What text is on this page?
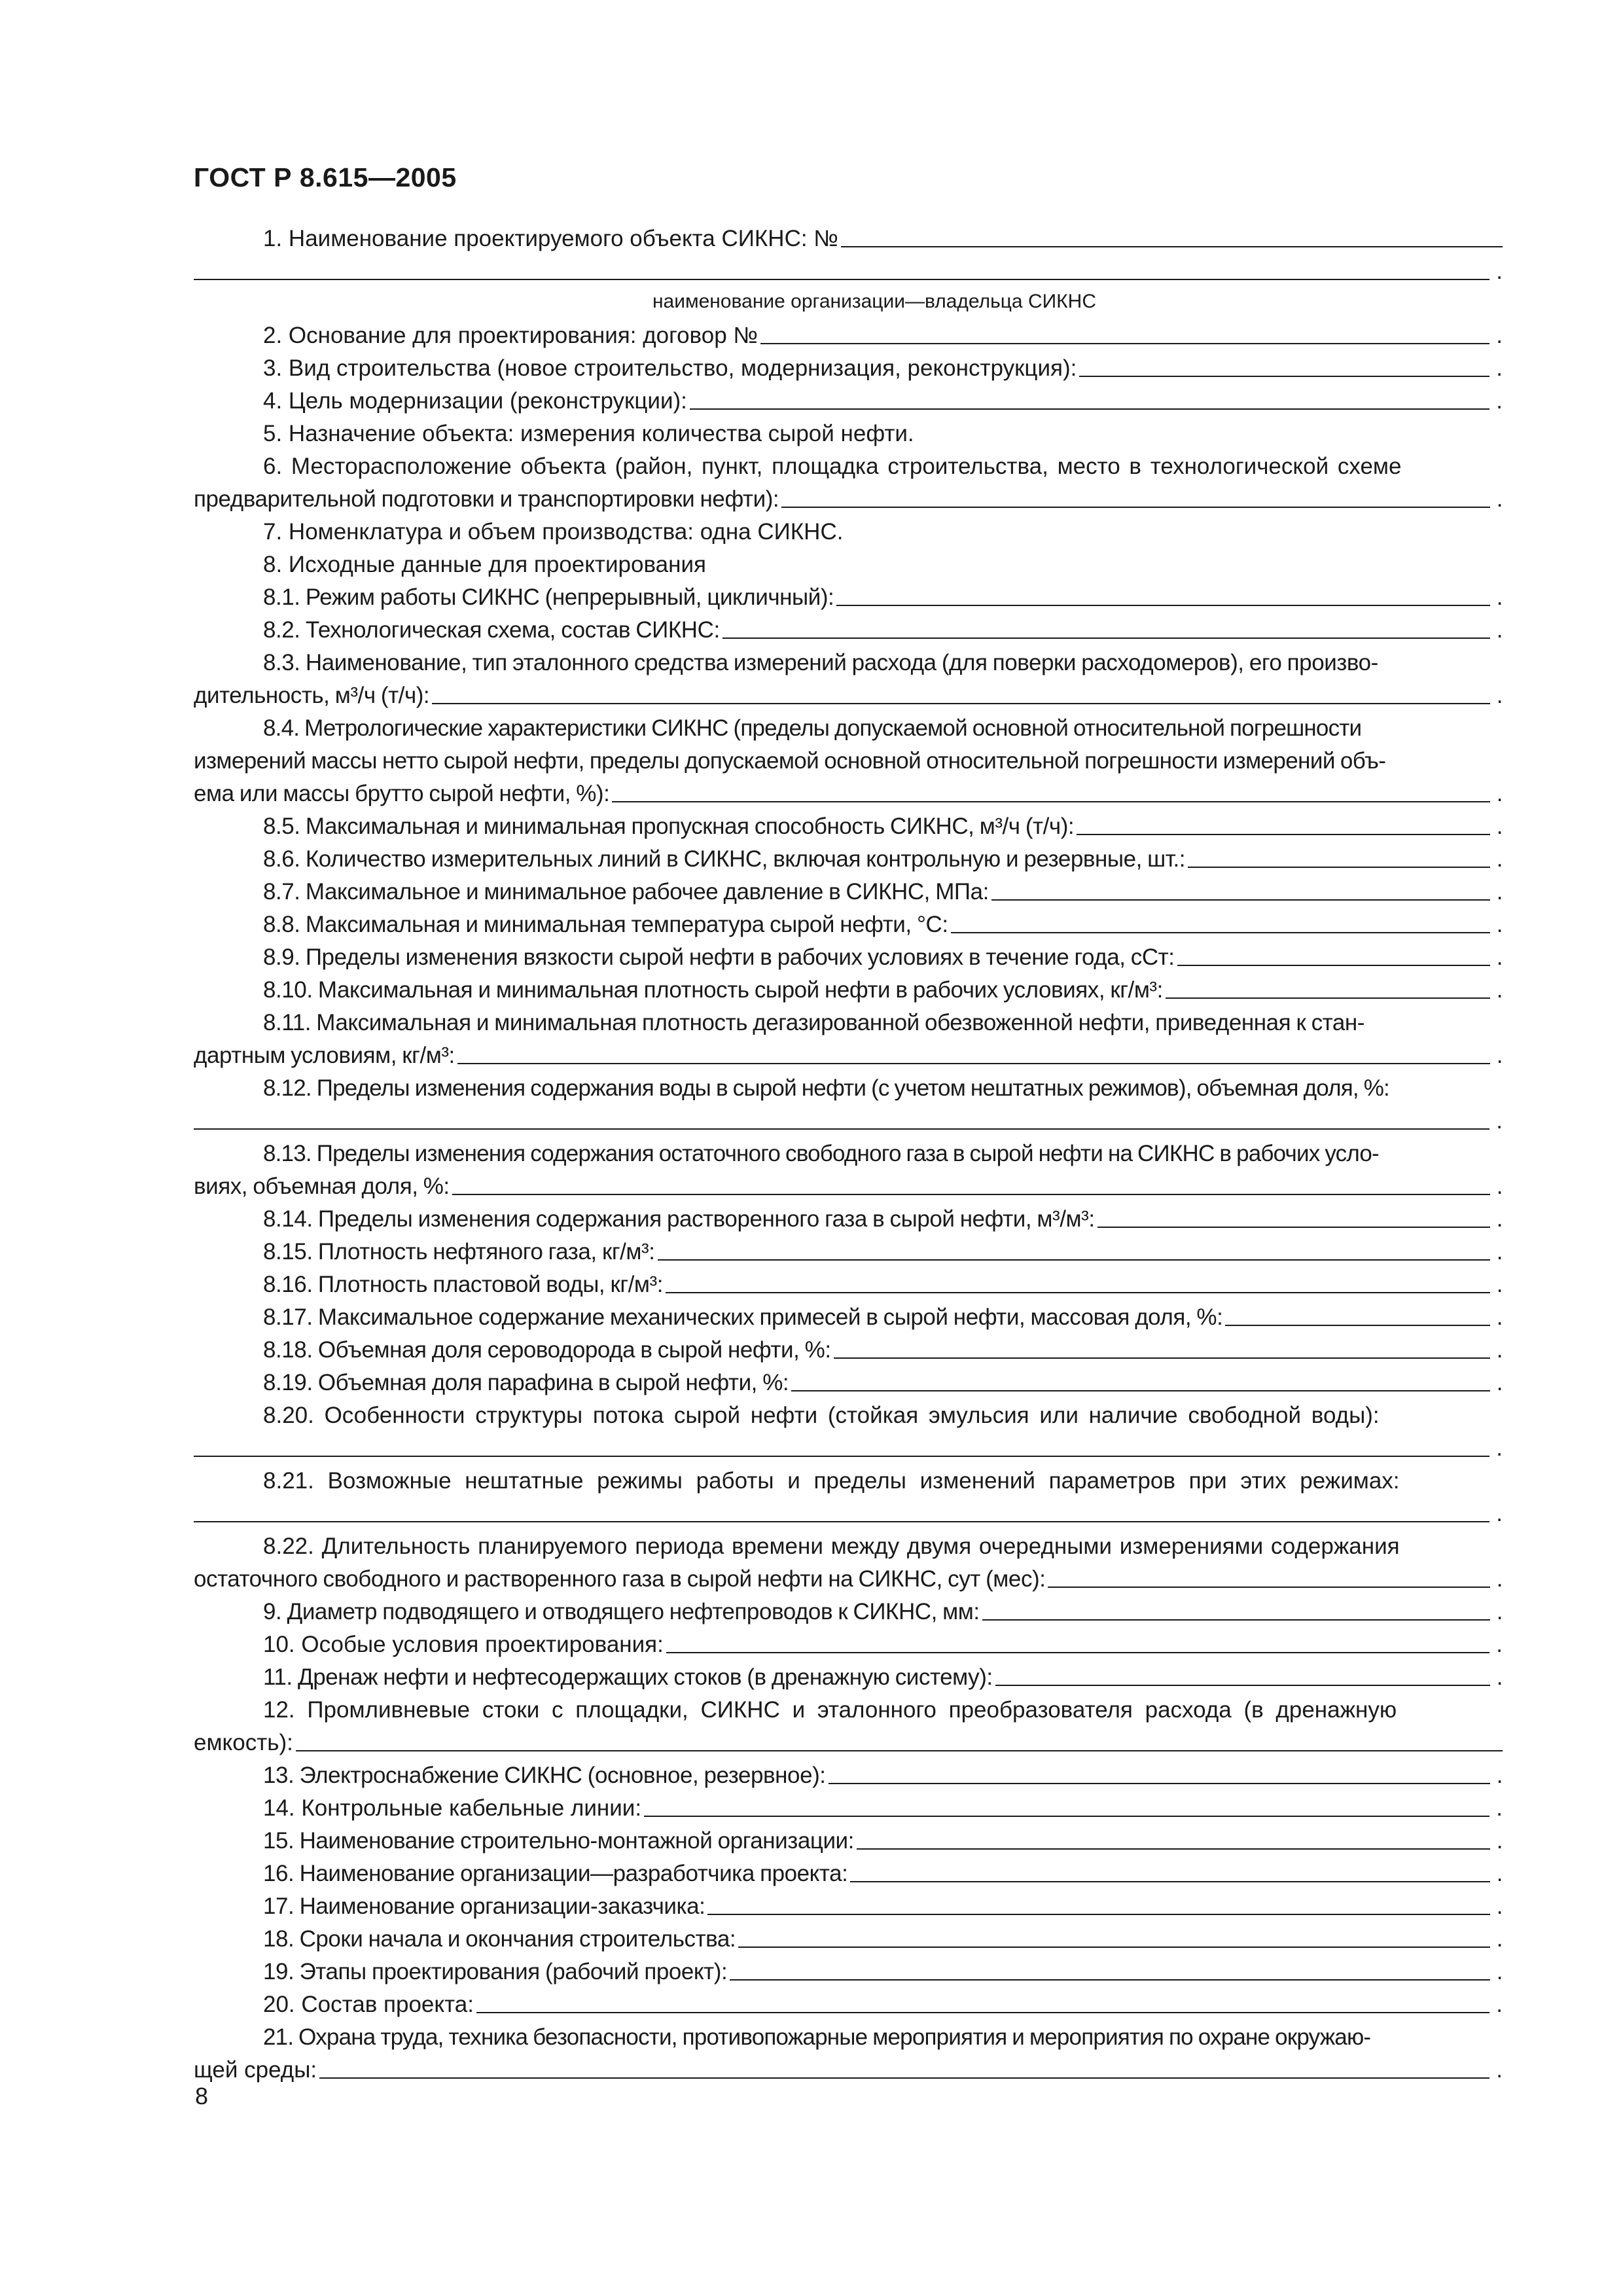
ГОСТ Р 8.615—2005
1. Наименование проектируемого объекта СИКНС: №
.
наименование организации—владельца СИКНС
2. Основание для проектирования: договор №	.
3. Вид строительства (новое строительство, модернизация, реконструкция):	.
4. Цель модернизации (реконструкции):	.
5. Назначение объекта: измерения количества сырой нефти.
6. Месторасположение объекта (район, пункт, площадка строительства, место в технологической схеме
предварительной подготовки и транспортировки нефти):	.
7. Номенклатура и объем производства: одна СИКНС.
8. Исходные данные для проектирования
8.1. Режим работы СИКНС (непрерывный, цикличный):	.
8.2. Технологическая схема, состав СИКНС:	.
8.3. Наименование, тип эталонного средства измерений расхода (для поверки расходомеров), его произво-
дительность, м³/ч (т/ч):	.
8.4. Метрологические характеристики СИКНС (пределы допускаемой основной относительной погрешности
измерений массы нетто сырой нефти, пределы допускаемой основной относительной погрешности измерений объ-
ема или массы брутто сырой нефти, %):	.
8.5. Максимальная и минимальная пропускная способность СИКНС, м³/ч (т/ч):	.
8.6. Количество измерительных линий в СИКНС, включая контрольную и резервные, шт.:	.
8.7. Максимальное и минимальное рабочее давление в СИКНС, МПа:	.
8.8. Максимальная и минимальная температура сырой нефти, °С:	.
8.9. Пределы изменения вязкости сырой нефти в рабочих условиях в течение года, сСт:	.
8.10. Максимальная и минимальная плотность сырой нефти в рабочих условиях, кг/м³:	.
8.11. Максимальная и минимальная плотность дегазированной обезвоженной нефти, приведенная к стан-
дартным условиям, кг/м³:	.
8.12. Пределы изменения содержания воды в сырой нефти (с учетом нештатных режимов), объемная доля, %:
.
8.13. Пределы изменения содержания остаточного свободного газа в сырой нефти на СИКНС в рабочих усло-
виях, объемная доля, %:	.
8.14. Пределы изменения содержания растворенного газа в сырой нефти, м³/м³:	.
8.15. Плотность нефтяного газа, кг/м³:	.
8.16. Плотность пластовой воды, кг/м³:	.
8.17. Максимальное содержание механических примесей в сырой нефти, массовая доля, %:	.
8.18. Объемная доля сероводорода в сырой нефти, %:	.
8.19. Объемная доля парафина в сырой нефти, %:	.
8.20. Особенности структуры потока сырой нефти (стойкая эмульсия или наличие свободной воды):
.
8.21. Возможные нештатные режимы работы и пределы изменений параметров при этих режимах:
.
8.22. Длительность планируемого периода времени между двумя очередными измерениями содержания
остаточного свободного и растворенного газа в сырой нефти на СИКНС, сут (мес):	.
9. Диаметр подводящего и отводящего нефтепроводов к СИКНС, мм:	.
10. Особые условия проектирования:	.
11. Дренаж нефти и нефтесодержащих стоков (в дренажную систему):	.
12. Промливневые стоки с площадки, СИКНС и эталонного преобразователя расхода (в дренажную
емкость):
13. Электроснабжение СИКНС (основное, резервное):	.
14. Контрольные кабельные линии:	.
15. Наименование строительно-монтажной организации:	.
16. Наименование организации—разработчика проекта:	.
17. Наименование организации-заказчика:	.
18. Сроки начала и окончания строительства:	.
19. Этапы проектирования (рабочий проект):	.
20. Состав проекта:	.
21. Охрана труда, техника безопасности, противопожарные мероприятия и мероприятия по охране окружаю-
щей среды:	.
8
